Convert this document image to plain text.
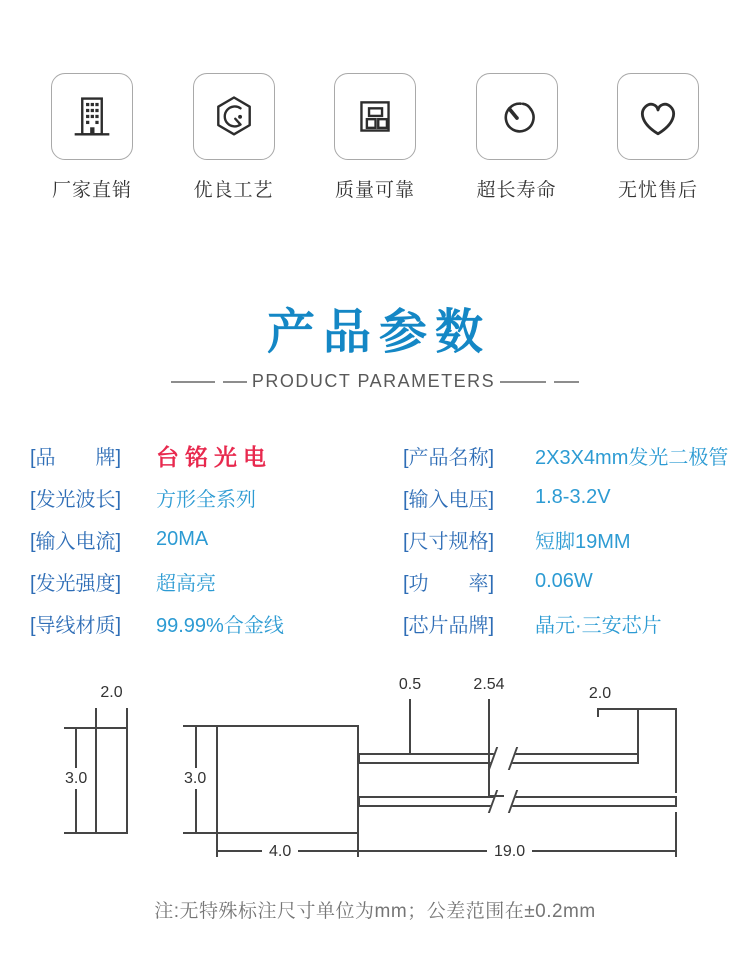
厂家直销	优良工艺	质量可靠	超长寿命	无忧售后
产品参数
PRODUCT PARAMETERS
[品　　牌]	台铭光电
[发光波长]	方形全系列
[输入电流]	20MA
[发光强度]	超高亮
[导线材质]	99.99%合金线
[产品名称]	2X3X4mm发光二极管
[输入电压]	1.8-3.2V
[尺寸规格]	短脚19MM
[功　　率]	0.06W
[芯片品牌]	晶元·三安芯片
2.0
3.0	3.0
0.5	2.54
2.0
4.0	19.0
注:无特殊标注尺寸单位为mm；公差范围在±0.2mm
